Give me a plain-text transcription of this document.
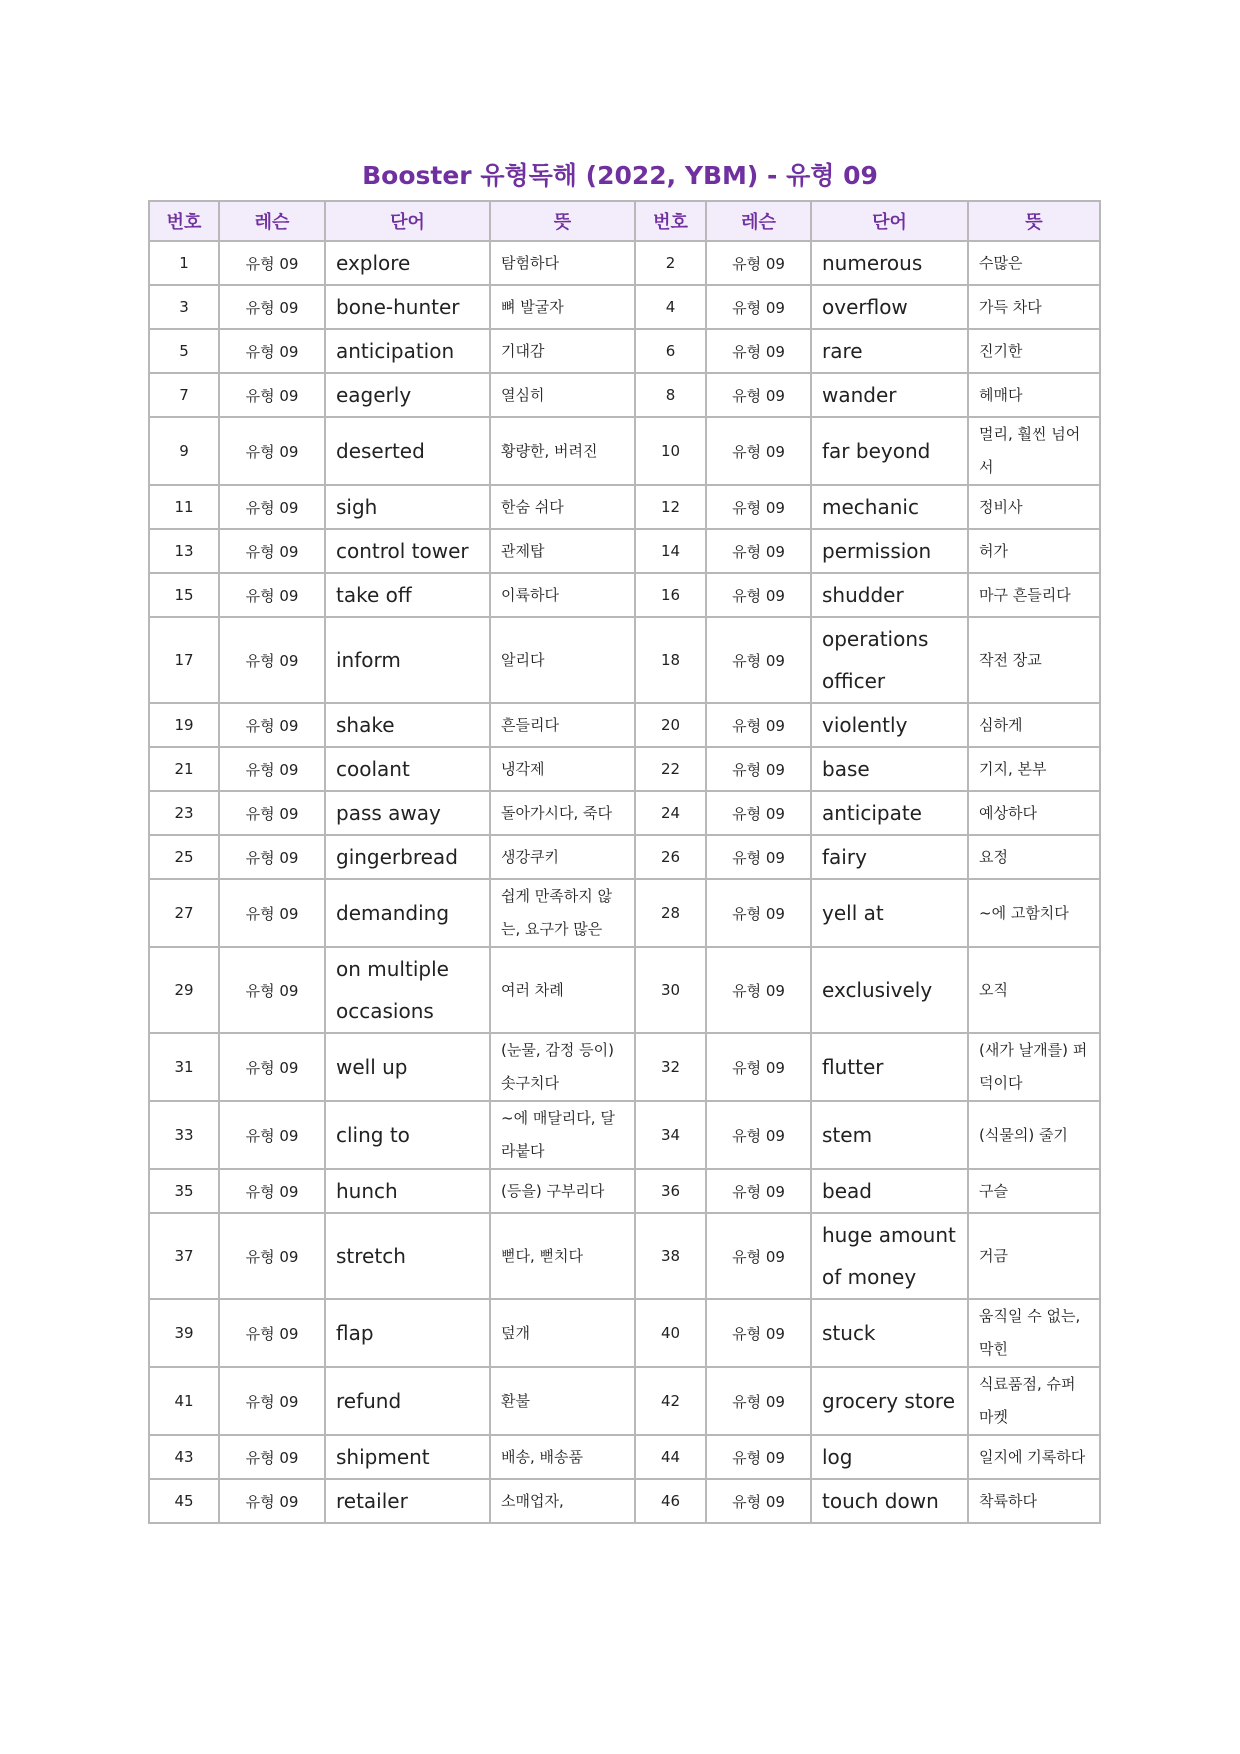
Booster 유형독해 (2022, YBM) - 유형 09
번호	레슨	단어	뜻	번호	레슨	단어	뜻
1	유형 09	explore	탐험하다	2	유형 09	numerous	수많은
3	유형 09	bone-hunter	뼈 발굴자	4	유형 09	overflow	가득 차다
5	유형 09	anticipation	기대감	6	유형 09	rare	진기한
7	유형 09	eagerly	열심히	8	유형 09	wander	헤매다
9	유형 09	deserted	황량한, 버려진	10	유형 09	far beyond	멀리, 훨씬 넘어서
11	유형 09	sigh	한숨 쉬다	12	유형 09	mechanic	정비사
13	유형 09	control tower	관제탑	14	유형 09	permission	허가
15	유형 09	take off	이륙하다	16	유형 09	shudder	마구 흔들리다
17	유형 09	inform	알리다	18	유형 09	operations officer	작전 장교
19	유형 09	shake	흔들리다	20	유형 09	violently	심하게
21	유형 09	coolant	냉각제	22	유형 09	base	기지, 본부
23	유형 09	pass away	돌아가시다, 죽다	24	유형 09	anticipate	예상하다
25	유형 09	gingerbread	생강쿠키	26	유형 09	fairy	요정
27	유형 09	demanding	쉽게 만족하지 않는, 요구가 많은	28	유형 09	yell at	~에 고함치다
29	유형 09	on multiple occasions	여러 차례	30	유형 09	exclusively	오직
31	유형 09	well up	(눈물, 감정 등이) 솟구치다	32	유형 09	flutter	(새가 날개를) 퍼덕이다
33	유형 09	cling to	~에 매달리다, 달라붙다	34	유형 09	stem	(식물의) 줄기
35	유형 09	hunch	(등을) 구부리다	36	유형 09	bead	구슬
37	유형 09	stretch	뻗다, 뻗치다	38	유형 09	huge amount of money	거금
39	유형 09	flap	덮개	40	유형 09	stuck	움직일 수 없는, 막힌
41	유형 09	refund	환불	42	유형 09	grocery store	식료품점, 슈퍼마켓
43	유형 09	shipment	배송, 배송품	44	유형 09	log	일지에 기록하다
45	유형 09	retailer	소매업자,	46	유형 09	touch down	착륙하다
